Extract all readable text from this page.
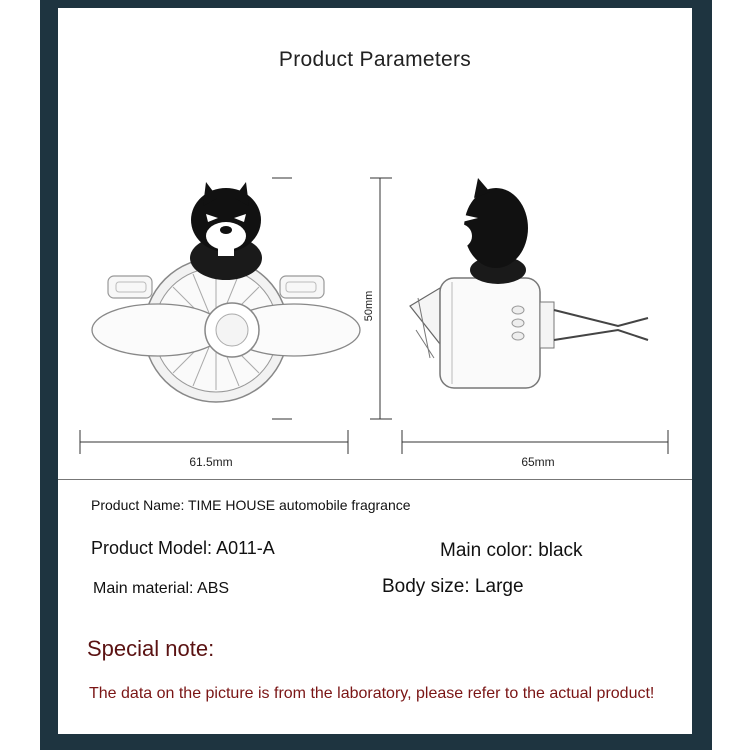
Product Parameters
50mm
61.5mm	65mm
Product Name: TIME HOUSE automobile fragrance
Product Model: A011-A	Main color: black
Main material: ABS	Body size: Large
Special note:
The data on the picture is from the laboratory, please refer to the actual product!
